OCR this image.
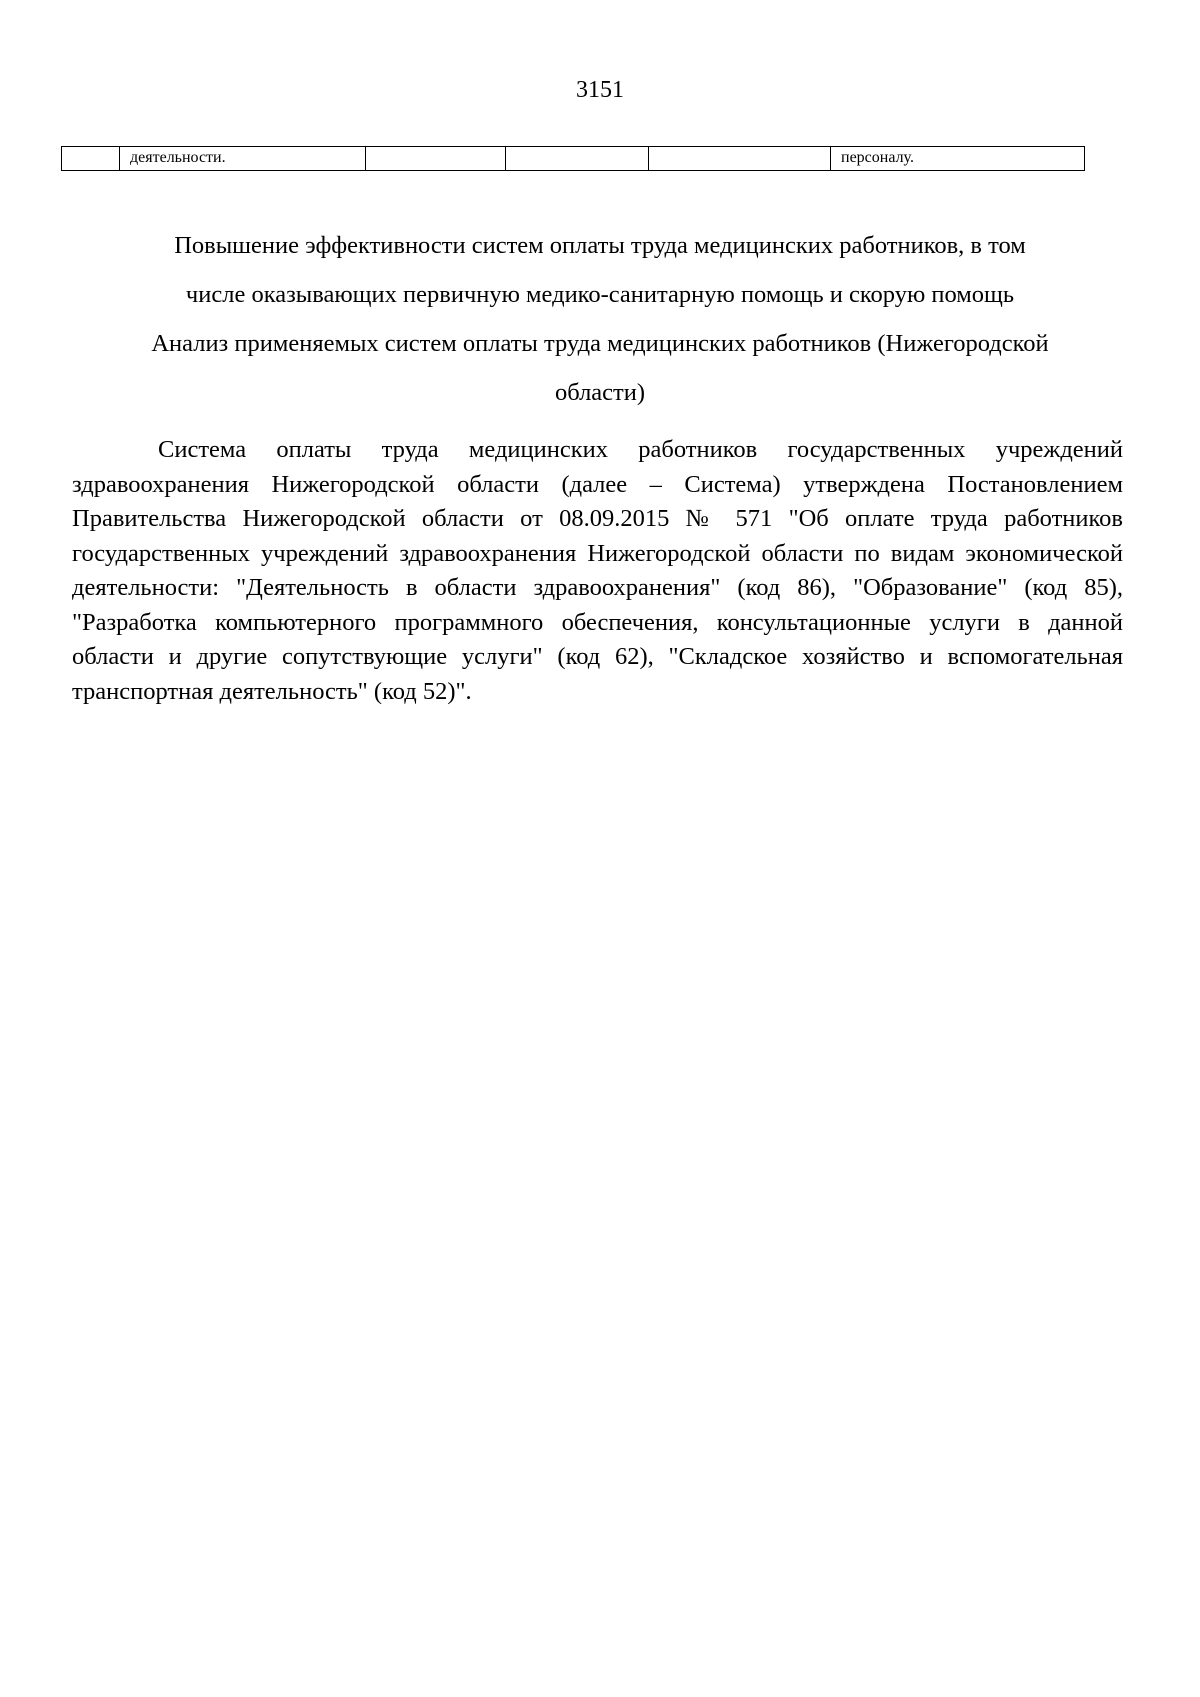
3151
	деятельности.				персоналу.
Повышение эффективности систем оплаты труда медицинских работников, в том
числе оказывающих первичную медико-санитарную помощь и скорую помощь
Анализ применяемых систем оплаты труда медицинских работников (Нижегородской
области)

Система оплаты труда медицинских работников государственных учреждений здравоохранения Нижегородской области (далее – Система) утверждена Постановлением Правительства Нижегородской области от 08.09.2015 № 571 "Об оплате труда работников государственных учреждений здравоохранения Нижегородской области по видам экономической деятельности: "Деятельность в области здравоохранения" (код 86), "Образование" (код 85), "Разработка компьютерного программного обеспечения, консультационные услуги в данной области и другие сопутствующие услуги" (код 62), "Складское хозяйство и вспомогательная транспортная деятельность" (код 52)".
